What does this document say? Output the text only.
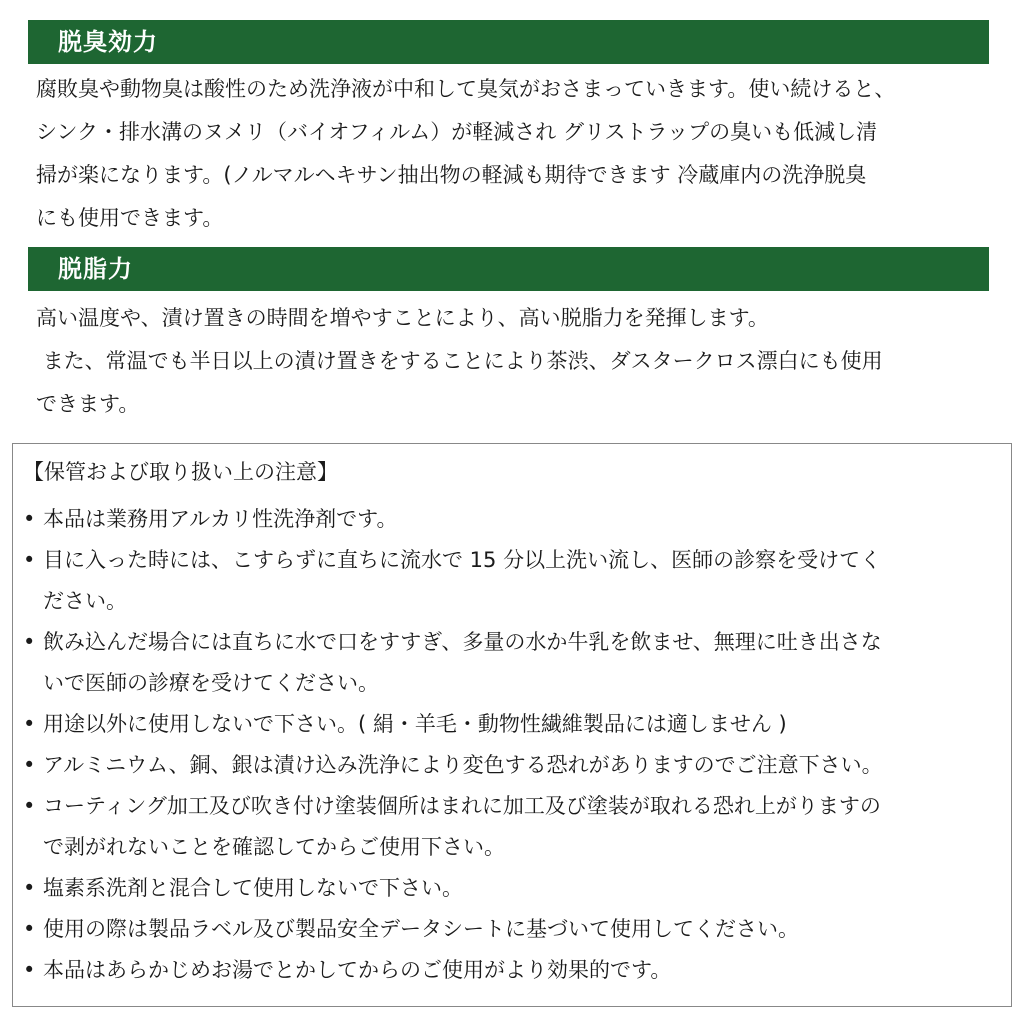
脱臭効力
腐敗臭や動物臭は酸性のため洗浄液が中和して臭気がおさまっていきます。使い続けると、
シンク・排水溝のヌメリ（バイオフィルム）が軽減され グリストラップの臭いも低減し清
掃が楽になります。(ノルマルヘキサン抽出物の軽減も期待できます 冷蔵庫内の洗浄脱臭
にも使用できます。
脱脂力
高い温度や、漬け置きの時間を増やすことにより、高い脱脂力を発揮します。
また、常温でも半日以上の漬け置きをすることにより茶渋、ダスタークロス漂白にも使用
できます。
【保管および取り扱い上の注意】
• 本品は業務用アルカリ性洗浄剤です。
• 目に入った時には、こすらずに直ちに流水で 15 分以上洗い流し、医師の診察を受けてく
ださい。
• 飲み込んだ場合には直ちに水で口をすすぎ、多量の水か牛乳を飲ませ、無理に吐き出さな
いで医師の診療を受けてください。
• 用途以外に使用しないで下さい。( 絹・羊毛・動物性繊維製品には適しません )
• アルミニウム、銅、銀は漬け込み洗浄により変色する恐れがありますのでご注意下さい。
• コーティング加工及び吹き付け塗装個所はまれに加工及び塗装が取れる恐れ上がりますの
で剥がれないことを確認してからご使用下さい。
• 塩素系洗剤と混合して使用しないで下さい。
• 使用の際は製品ラベル及び製品安全データシートに基づいて使用してください。
• 本品はあらかじめお湯でとかしてからのご使用がより効果的です。
